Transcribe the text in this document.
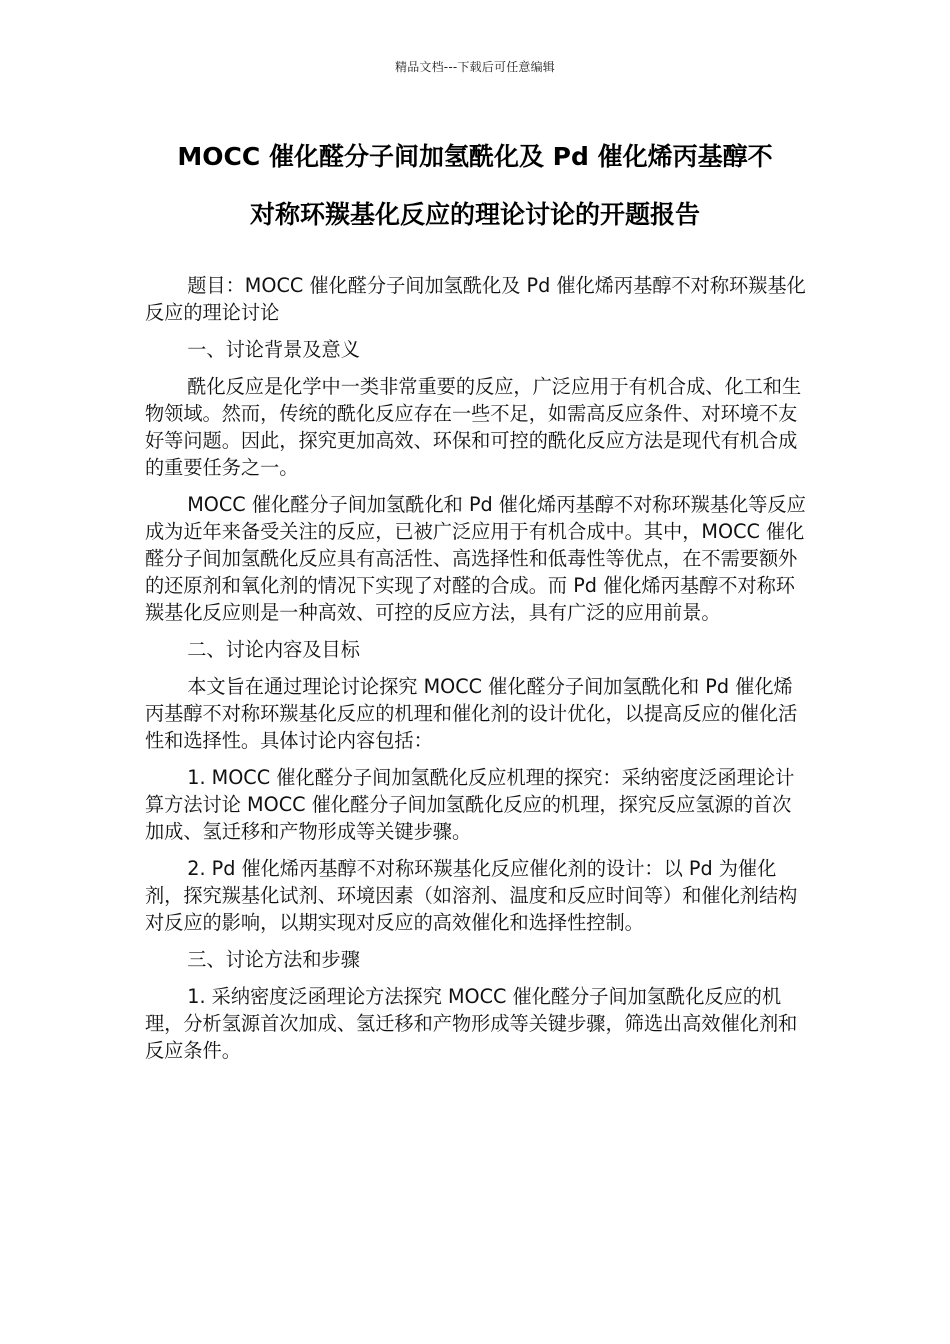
精品文档---下载后可任意编辑
MOCC 催化醛分子间加氢酰化及 Pd 催化烯丙基醇不
对称环羰基化反应的理论讨论的开题报告

题目：MOCC 催化醛分子间加氢酰化及 Pd 催化烯丙基醇不对称环羰基化反应的理论讨论

一、讨论背景及意义

酰化反应是化学中一类非常重要的反应，广泛应用于有机合成、化工和生物领域。然而，传统的酰化反应存在一些不足，如需高反应条件、对环境不友好等问题。因此，探究更加高效、环保和可控的酰化反应方法是现代有机合成的重要任务之一。

MOCC 催化醛分子间加氢酰化和 Pd 催化烯丙基醇不对称环羰基化等反应成为近年来备受关注的反应，已被广泛应用于有机合成中。其中，MOCC 催化醛分子间加氢酰化反应具有高活性、高选择性和低毒性等优点，在不需要额外的还原剂和氧化剂的情况下实现了对醛的合成。而 Pd 催化烯丙基醇不对称环羰基化反应则是一种高效、可控的反应方法，具有广泛的应用前景。

二、讨论内容及目标

本文旨在通过理论讨论探究 MOCC 催化醛分子间加氢酰化和 Pd 催化烯丙基醇不对称环羰基化反应的机理和催化剂的设计优化，以提高反应的催化活性和选择性。具体讨论内容包括：

1. MOCC 催化醛分子间加氢酰化反应机理的探究：采纳密度泛函理论计算方法讨论 MOCC 催化醛分子间加氢酰化反应的机理，探究反应氢源的首次加成、氢迁移和产物形成等关键步骤。

2. Pd 催化烯丙基醇不对称环羰基化反应催化剂的设计：以 Pd 为催化剂，探究羰基化试剂、环境因素（如溶剂、温度和反应时间等）和催化剂结构对反应的影响，以期实现对反应的高效催化和选择性控制。

三、讨论方法和步骤

1. 采纳密度泛函理论方法探究 MOCC 催化醛分子间加氢酰化反应的机理，分析氢源首次加成、氢迁移和产物形成等关键步骤，筛选出高效催化剂和反应条件。
